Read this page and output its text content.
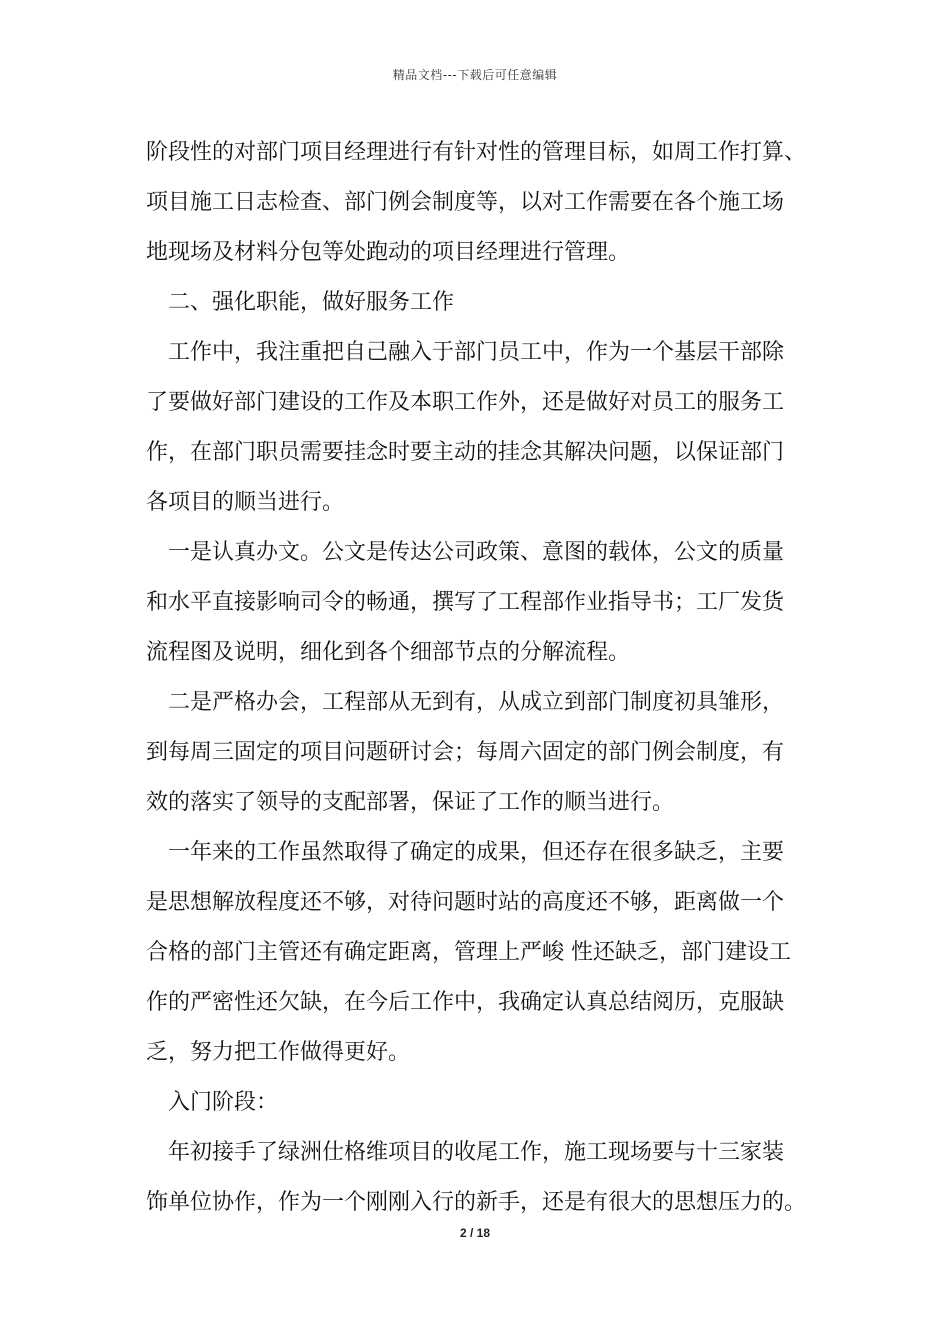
精品文档---下载后可任意编辑
阶段性的对部门项目经理进行有针对性的管理目标，如周工作打算、
项目施工日志检查、部门例会制度等，以对工作需要在各个施工场
地现场及材料分包等处跑动的项目经理进行管理。
二、强化职能，做好服务工作
工作中，我注重把自己融入于部门员工中，作为一个基层干部除
了要做好部门建设的工作及本职工作外，还是做好对员工的服务工
作，在部门职员需要挂念时要主动的挂念其解决问题，以保证部门
各项目的顺当进行。
一是认真办文。公文是传达公司政策、意图的载体，公文的质量
和水平直接影响司令的畅通，撰写了工程部作业指导书；工厂发货
流程图及说明，细化到各个细部节点的分解流程。
二是严格办会，工程部从无到有，从成立到部门制度初具雏形，
到每周三固定的项目问题研讨会；每周六固定的部门例会制度，有
效的落实了领导的支配部署，保证了工作的顺当进行。
一年来的工作虽然取得了确定的成果，但还存在很多缺乏，主要
是思想解放程度还不够，对待问题时站的高度还不够，距离做一个
合格的部门主管还有确定距离，管理上严峻 性还缺乏，部门建设工
作的严密性还欠缺，在今后工作中，我确定认真总结阅历，克服缺
乏，努力把工作做得更好。
入门阶段：
年初接手了绿洲仕格维项目的收尾工作，施工现场要与十三家装
饰单位协作，作为一个刚刚入行的新手，还是有很大的思想压力的。
2 / 18
